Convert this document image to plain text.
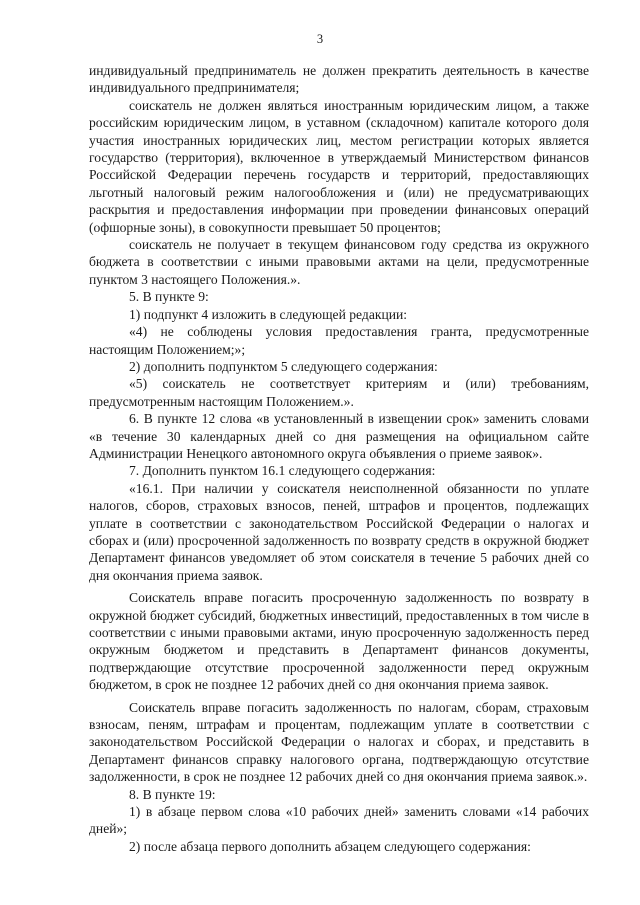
3

индивидуальный предприниматель не должен прекратить деятельность в качестве индивидуального предпринимателя;

соискатель не должен являться иностранным юридическим лицом, а также российским юридическим лицом, в уставном (складочном) капитале которого доля участия иностранных юридических лиц, местом регистрации которых является государство (территория), включенное в утверждаемый Министерством финансов Российской Федерации перечень государств и территорий, предоставляющих льготный налоговый режим налогообложения и (или) не предусматривающих раскрытия и предоставления информации при проведении финансовых операций (офшорные зоны), в совокупности превышает 50 процентов;

соискатель не получает в текущем финансовом году средства из окружного бюджета в соответствии с иными правовыми актами на цели, предусмотренные пунктом 3 настоящего Положения.».

5. В пункте 9:

1) подпункт 4 изложить в следующей редакции:

«4) не соблюдены условия предоставления гранта, предусмотренные настоящим Положением;»;

2) дополнить подпунктом 5 следующего содержания:

«5) соискатель не соответствует критериям и (или) требованиям, предусмотренным настоящим Положением.».

6. В пункте 12 слова «в установленный в извещении срок» заменить словами «в течение 30 календарных дней со дня размещения на официальном сайте Администрации Ненецкого автономного округа объявления о приеме заявок».

7. Дополнить пунктом 16.1 следующего содержания:

«16.1. При наличии у соискателя неисполненной обязанности по уплате налогов, сборов, страховых взносов, пеней, штрафов и процентов, подлежащих уплате в соответствии с законодательством Российской Федерации о налогах и сборах и (или) просроченной задолженность по возврату средств в окружной бюджет Департамент финансов уведомляет об этом соискателя в течение 5 рабочих дней со дня окончания приема заявок.

Соискатель вправе погасить просроченную задолженность по возврату в окружной бюджет субсидий, бюджетных инвестиций, предоставленных в том числе в соответствии с иными правовыми актами, иную просроченную задолженность перед окружным бюджетом и представить в Департамент финансов документы, подтверждающие отсутствие просроченной задолженности перед окружным бюджетом, в срок не позднее 12 рабочих дней со дня окончания приема заявок.

Соискатель вправе погасить задолженность по налогам, сборам, страховым взносам, пеням, штрафам и процентам, подлежащим уплате в соответствии с законодательством Российской Федерации о налогах и сборах, и представить в Департамент финансов справку налогового органа, подтверждающую отсутствие задолженности, в срок не позднее 12 рабочих дней со дня окончания приема заявок.».

8. В пункте 19:

1) в абзаце первом слова «10 рабочих дней» заменить словами «14 рабочих дней»;

2) после абзаца первого дополнить абзацем следующего содержания:
